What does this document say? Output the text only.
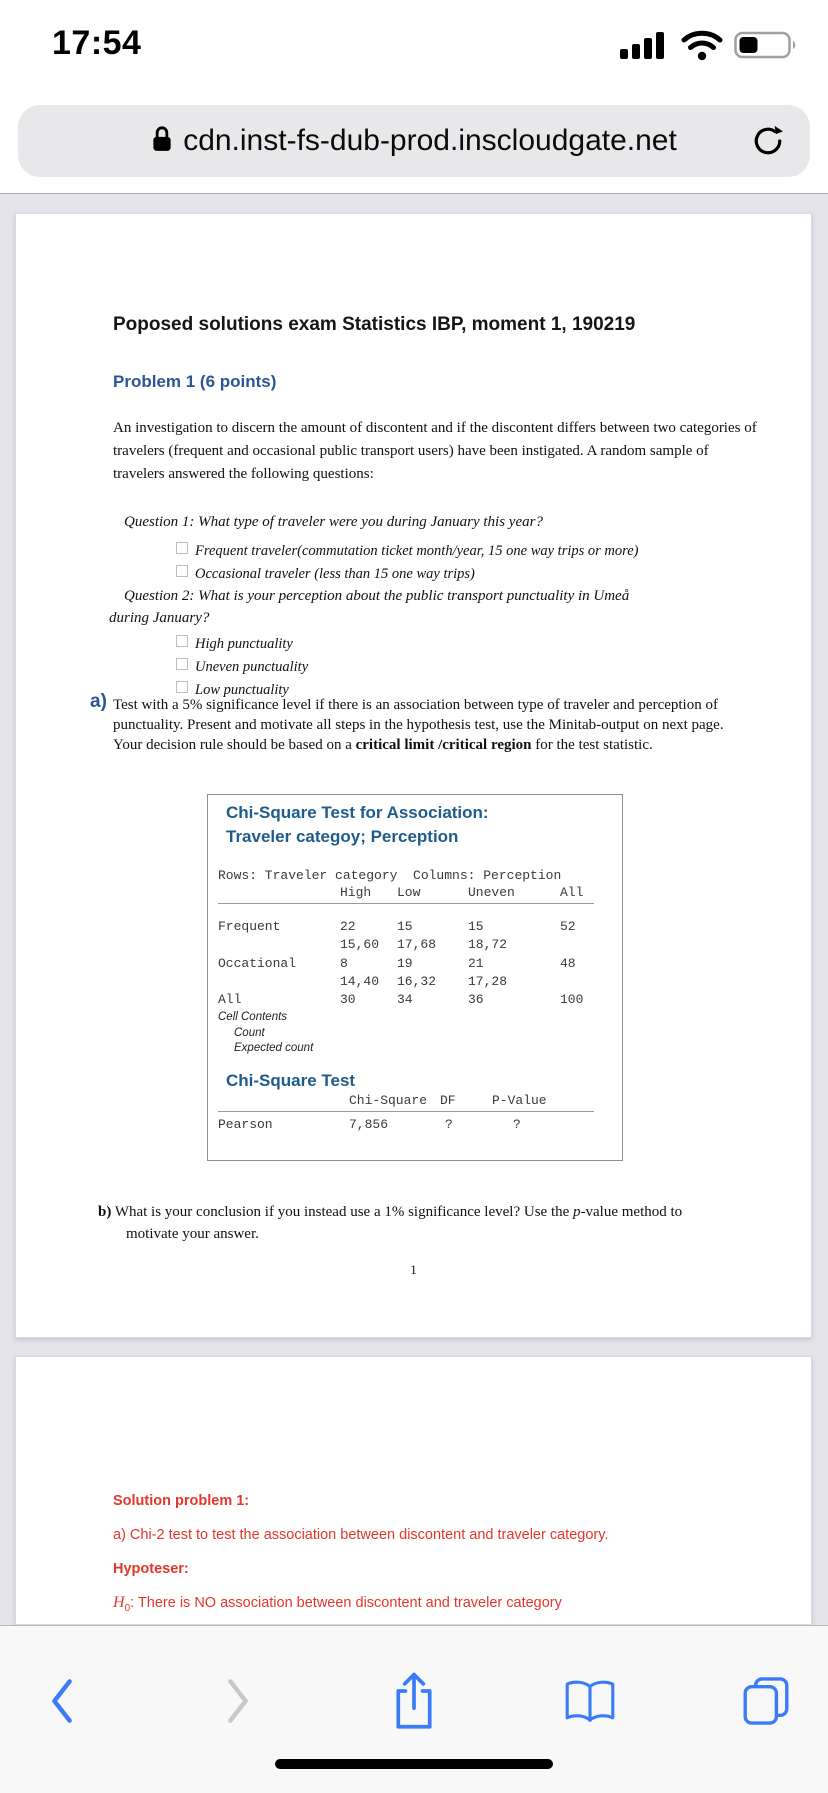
17:54
cdn.inst-fs-dub-prod.inscloudgate.net
Poposed solutions exam Statistics IBP, moment 1, 190219
Problem 1 (6 points)
An investigation to discern the amount of discontent and if the discontent differs between two categories of travelers (frequent and occasional public transport users) have been instigated. A random sample of travelers answered the following questions:
Question 1: What type of traveler were you during January this year?
Frequent traveler(commutation ticket month/year, 15 one way trips or more)
Occasional traveler (less than 15 one way trips)
Question 2: What is your perception about the public transport punctuality in Umeå
during January?
High punctuality
Uneven punctuality
Low punctuality
a) Test with a 5% significance level if there is an association between type of traveler and perception of punctuality. Present and motivate all steps in the hypothesis test, use the Minitab-output on next page. Your decision rule should be based on a critical limit /critical region for the test statistic.
Chi-Square Test for Association:
Traveler categoy; Perception
Rows: Traveler category  Columns: Perception
High Low	Uneven	All
Frequent	22	15	15	52
15,60 17,68 18,72
Occational	8	19	21	48
14,40 16,32 17,28
All	30	34	36	100
Cell Contents
Count
Expected count
Chi-Square Test
Chi-Square DF	P-Value
Pearson	7,856	?	?
b) What is your conclusion if you instead use a 1% significance level? Use the p-value method to motivate your answer.
1
Solution problem 1:
a) Chi-2 test to test the association between discontent and traveler category.
Hypoteser:
$H_0$: There is NO association between discontent and traveler category
